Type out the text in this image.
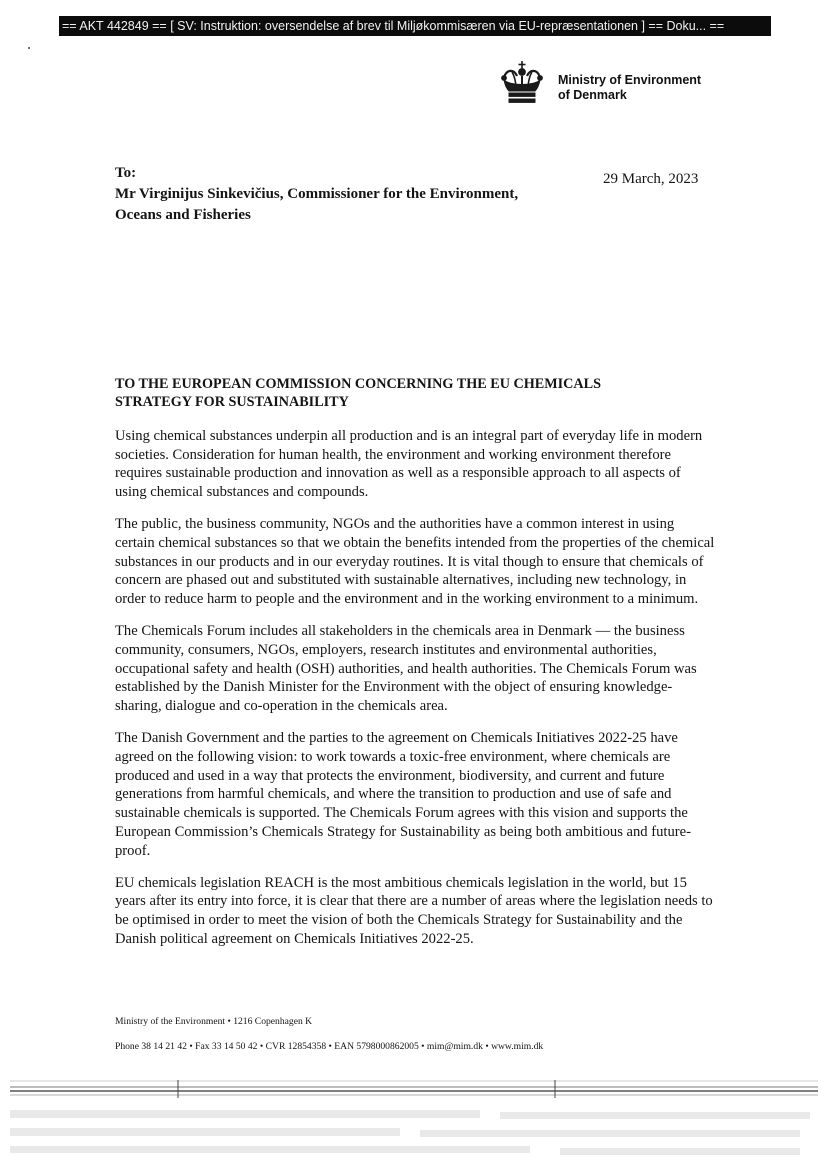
== AKT 442849 == [ SV: Instruktion: oversendelse af brev til Miljøkommisæren via EU-repræsentationen ] == Doku... ==
Ministry of Environment
of Denmark
To:
Mr Virginijus Sinkevičius, Commissioner for the Environment,
Oceans and Fisheries
29 March, 2023
TO THE EUROPEAN COMMISSION CONCERNING THE EU CHEMICALS
STRATEGY FOR SUSTAINABILITY

Using chemical substances underpin all production and is an integral part of everyday life in modern societies. Consideration for human health, the environment and working environment therefore requires sustainable production and innovation as well as a responsible approach to all aspects of using chemical substances and compounds.

The public, the business community, NGOs and the authorities have a common interest in using certain chemical substances so that we obtain the benefits intended from the properties of the chemical substances in our products and in our everyday routines. It is vital though to ensure that chemicals of concern are phased out and substituted with sustainable alternatives, including new technology, in order to reduce harm to people and the environment and in the working environment to a minimum.

The Chemicals Forum includes all stakeholders in the chemicals area in Denmark — the business community, consumers, NGOs, employers, research institutes and environmental authorities, occupational safety and health (OSH) authorities, and health authorities. The Chemicals Forum was established by the Danish Minister for the Environment with the object of ensuring knowledge-sharing, dialogue and co-operation in the chemicals area.

The Danish Government and the parties to the agreement on Chemicals Initiatives 2022-25 have agreed on the following vision: to work towards a toxic-free environment, where chemicals are produced and used in a way that protects the environment, biodiversity, and current and future generations from harmful chemicals, and where the transition to production and use of safe and sustainable chemicals is supported. The Chemicals Forum agrees with this vision and supports the European Commission’s Chemicals Strategy for Sustainability as being both ambitious and future-proof.

EU chemicals legislation REACH is the most ambitious chemicals legislation in the world, but 15 years after its entry into force, it is clear that there are a number of areas where the legislation needs to be optimised in order to meet the vision of both the Chemicals Strategy for Sustainability and the Danish political agreement on Chemicals Initiatives 2022-25.

Ministry of the Environment • 1216 Copenhagen K
Phone 38 14 21 42 • Fax 33 14 50 42 • CVR 12854358 • EAN 5798000862005 • mim@mim.dk • www.mim.dk
